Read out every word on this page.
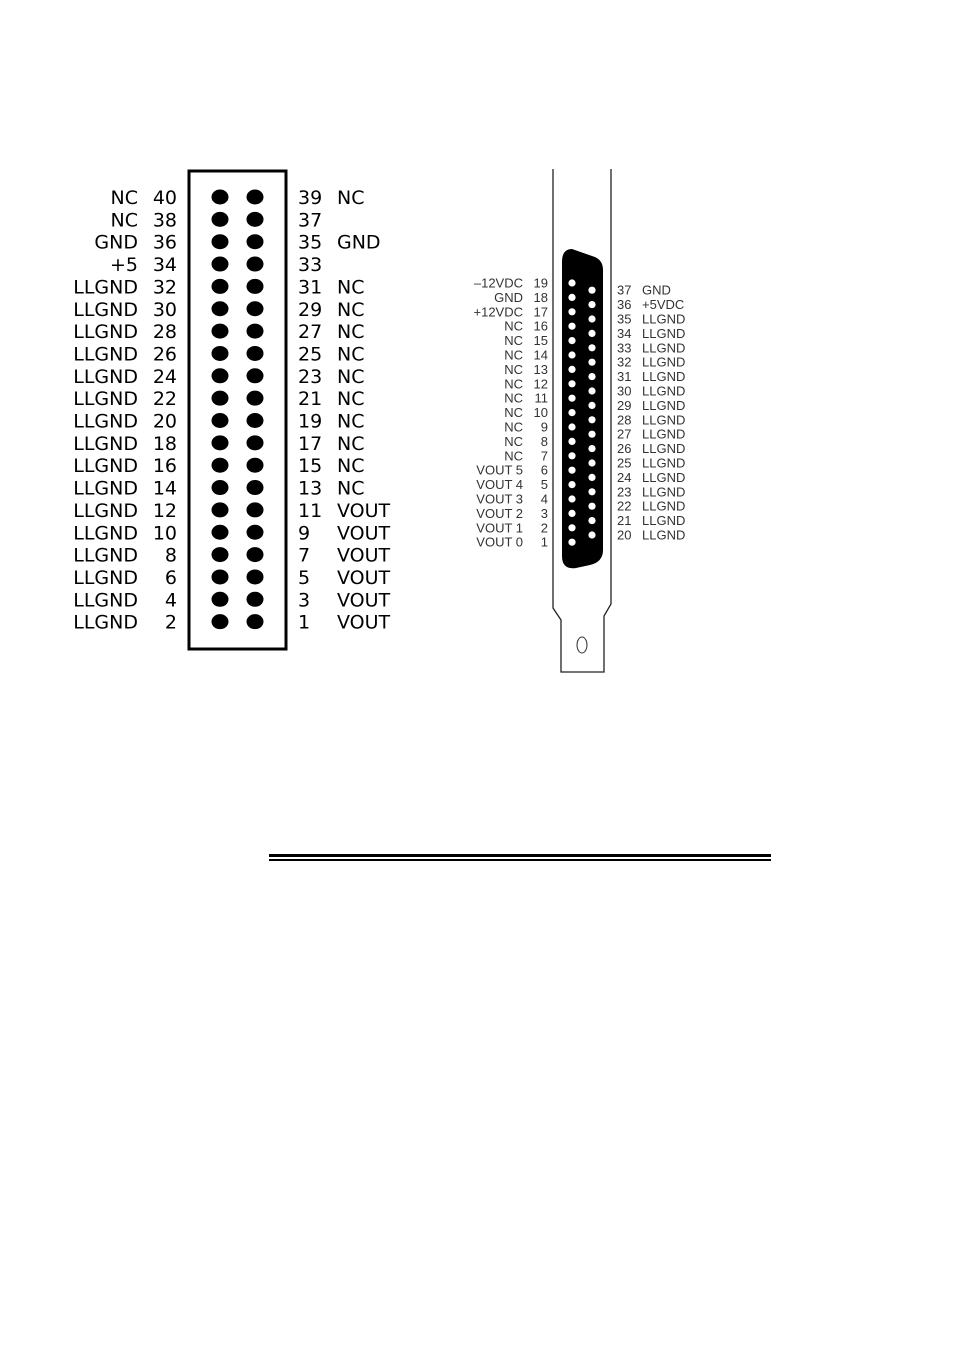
40
NC
38
NC
36
GND
34
+5
32
LLGND
30
LLGND
28
LLGND
26
LLGND
24
LLGND
22
LLGND
20
LLGND
18
LLGND
16
LLGND
14
LLGND
12
LLGND
10
LLGND
8
LLGND
6
LLGND
4
LLGND
2
LLGND
39 NC
37
35 GND
33
31 NC
29 NC
27 NC
25 NC
23 NC
21 NC
19 NC
17 NC
15 NC
13 NC
11 VOUT
9 VOUT
7 VOUT
5 VOUT
3 VOUT
1 VOUT
19
–12VDC
18
GND
17
+12VDC
16
NC
15
NC
14
NC
13
NC
12
NC
11
NC
10
NC
9
NC
8
NC
7
NC
6
VOUT 5
5
VOUT 4
4
VOUT 3
3
VOUT 2
2
VOUT 1
1
VOUT 0
37 GND
36 +5VDC
35 LLGND
34 LLGND
33 LLGND
32 LLGND
31 LLGND
30 LLGND
29 LLGND
28 LLGND
27 LLGND
26 LLGND
25 LLGND
24 LLGND
23 LLGND
22 LLGND
21 LLGND
20 LLGND
